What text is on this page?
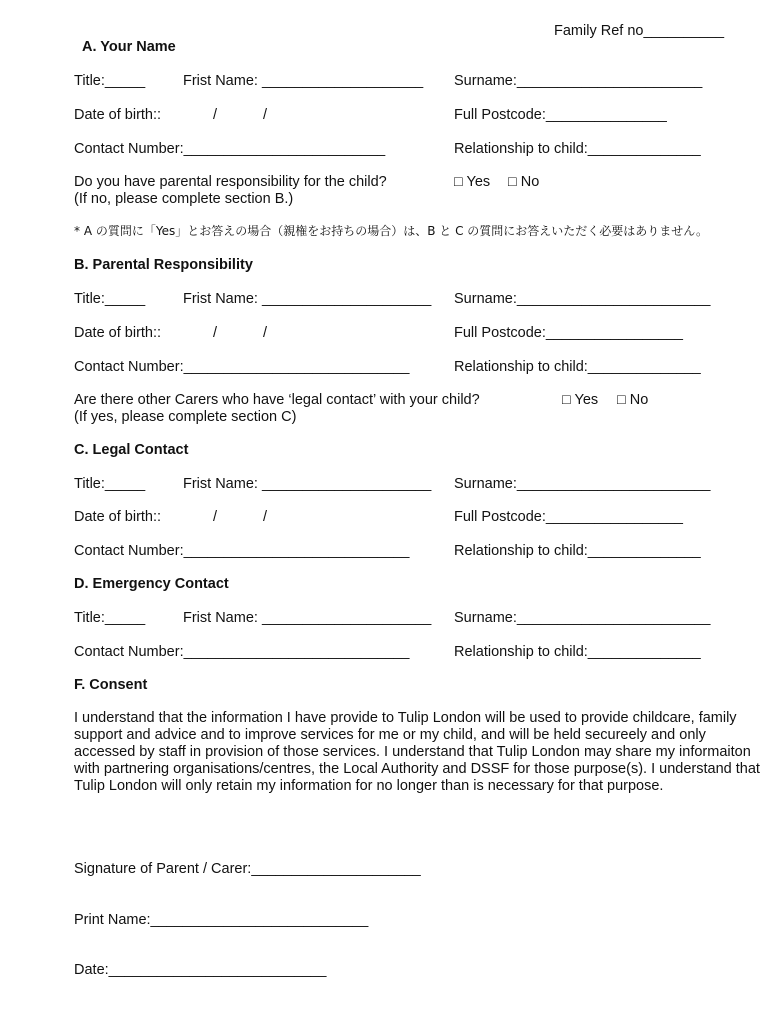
Family Ref no__________
A. Your Name
Title:_____	Frist Name: ____________________ Surname:_______________________
Date of birth::	/	/	Full Postcode:_______________
Contact Number:_________________________	Relationship to child:______________
Do you have parental responsibility for the child?
(If no, please complete section B.)
□ Yes □ No
* A の質問に「Yes」とお答えの場合（親権をお持ちの場合）は、B と C の質問にお答えいただく必要はありません。
B. Parental Responsibility
Title:_____	Frist Name: _____________________ Surname:________________________
Date of birth::	/	/	Full Postcode:_________________
Contact Number:____________________________	Relationship to child:______________
Are there other Carers who have ‘legal contact’ with your child?
(If yes, please complete section C)
□ Yes □ No
C. Legal Contact
Title:_____	Frist Name: _____________________ Surname:________________________
Date of birth::	/	/	Full Postcode:_________________
Contact Number:____________________________	Relationship to child:______________
D. Emergency Contact
Title:_____	Frist Name: _____________________ Surname:________________________
Contact Number:____________________________	Relationship to child:______________
F. Consent
I understand that the information I have provide to Tulip London will be used to provide childcare, family support and advice and to improve services for me or my child, and will be held secureely and only accessed by staff in provision of those services. I understand that Tulip London may share my informaiton with partnering organisations/centres, the Local Authority and DSSF for those purpose(s). I understand that Tulip London will only retain my information for no longer than is necessary for that purpose.
Signature of Parent / Carer:_____________________
Print Name:___________________________
Date:___________________________
